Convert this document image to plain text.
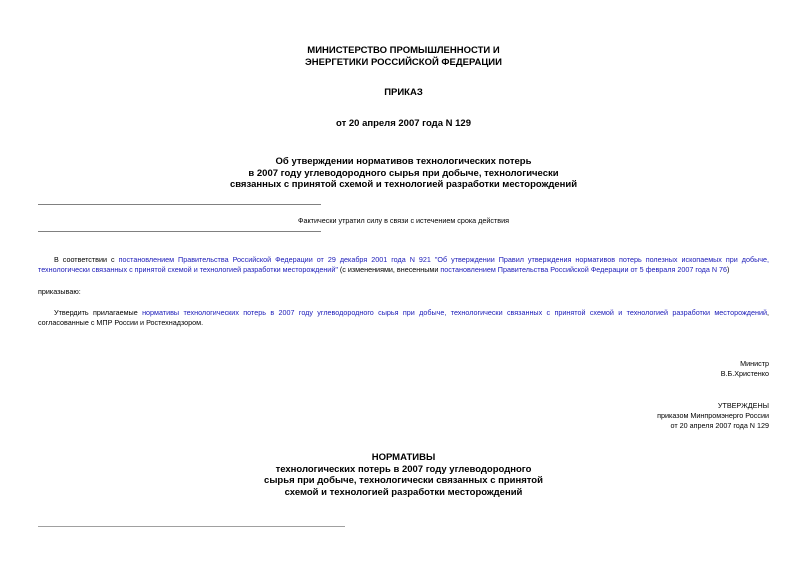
МИНИСТЕРСТВО ПРОМЫШЛЕННОСТИ И
ЭНЕРГЕТИКИ РОССИЙСКОЙ ФЕДЕРАЦИИ
ПРИКАЗ
от 20 апреля 2007 года N 129
Об утверждении нормативов технологических потерь
в 2007 году углеводородного сырья при добыче, технологически
связанных с принятой схемой и технологией разработки месторождений
Фактически утратил силу в связи с истечением срока действия
В соответствии с постановлением Правительства Российской Федерации от 29 декабря 2001 года N 921 "Об утверждении Правил утверждения нормативов потерь полезных ископаемых при добыче, технологически связанных с принятой схемой и технологией разработки месторождений" (с изменениями, внесенными постановлением Правительства Российской Федерации от 5 февраля 2007 года N 76)
приказываю:
Утвердить прилагаемые нормативы технологических потерь в 2007 году углеводородного сырья при добыче, технологически связанных с принятой схемой и технологией разработки месторождений, согласованные с МПР России и Ростехнадзором.
Министр
В.Б.Христенко
УТВЕРЖДЕНЫ
приказом Минпромэнерго России
от 20 апреля 2007 года N 129
НОРМАТИВЫ
технологических потерь в 2007 году углеводородного
сырья при добыче, технологически связанных с принятой
схемой и технологией разработки месторождений
